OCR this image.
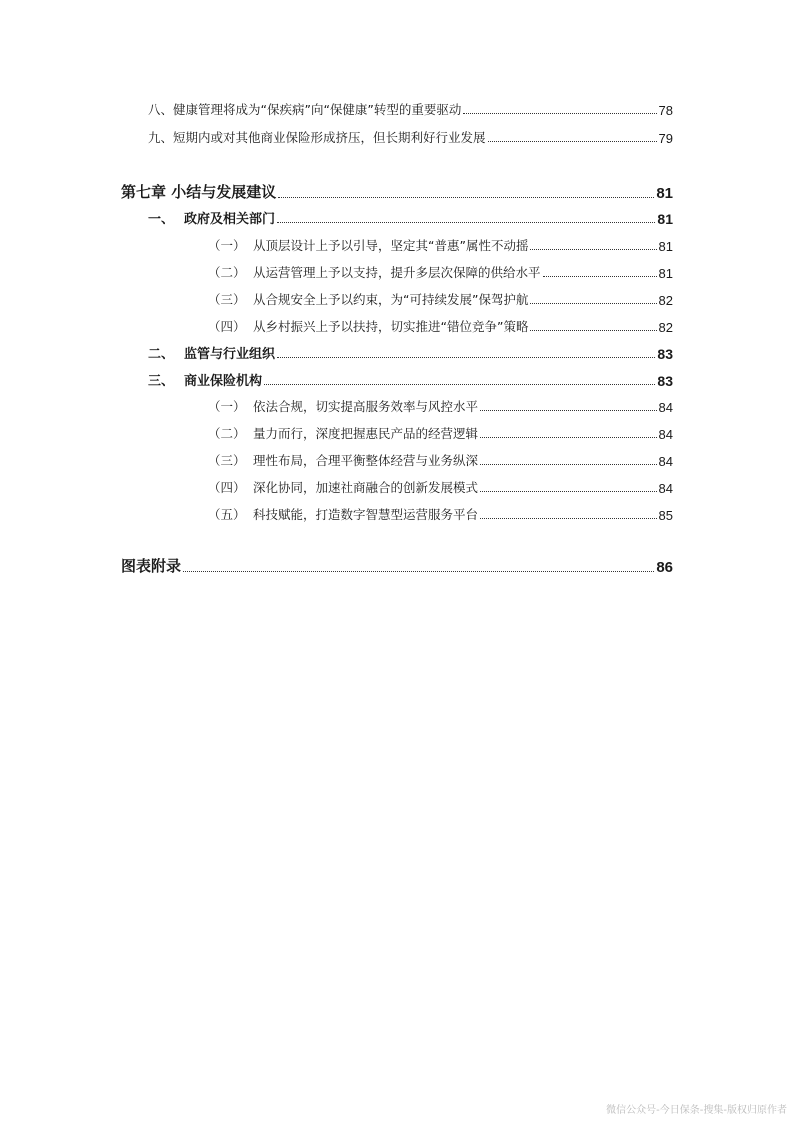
八、健康管理将成为“保疾病”向“保健康”转型的重要驱动	78
九、短期内或对其他商业保险形成挤压，但长期利好行业发展	79
第七章 小结与发展建议	81
一、 政府及相关部门	81
（一） 从顶层设计上予以引导，坚定其“普惠”属性不动摇	81
（二） 从运营管理上予以支持，提升多层次保障的供给水平	81
（三） 从合规安全上予以约束，为“可持续发展”保驾护航	82
（四） 从乡村振兴上予以扶持，切实推进“错位竞争”策略	82
二、 监管与行业组织	83
三、 商业保险机构	83
（一） 依法合规，切实提高服务效率与风控水平	84
（二） 量力而行，深度把握惠民产品的经营逻辑	84
（三） 理性布局，合理平衡整体经营与业务纵深	84
（四） 深化协同，加速社商融合的创新发展模式	84
（五） 科技赋能，打造数字智慧型运营服务平台	85
图表附录	86
微信公众号-今日保条-搜集-版权归原作者
